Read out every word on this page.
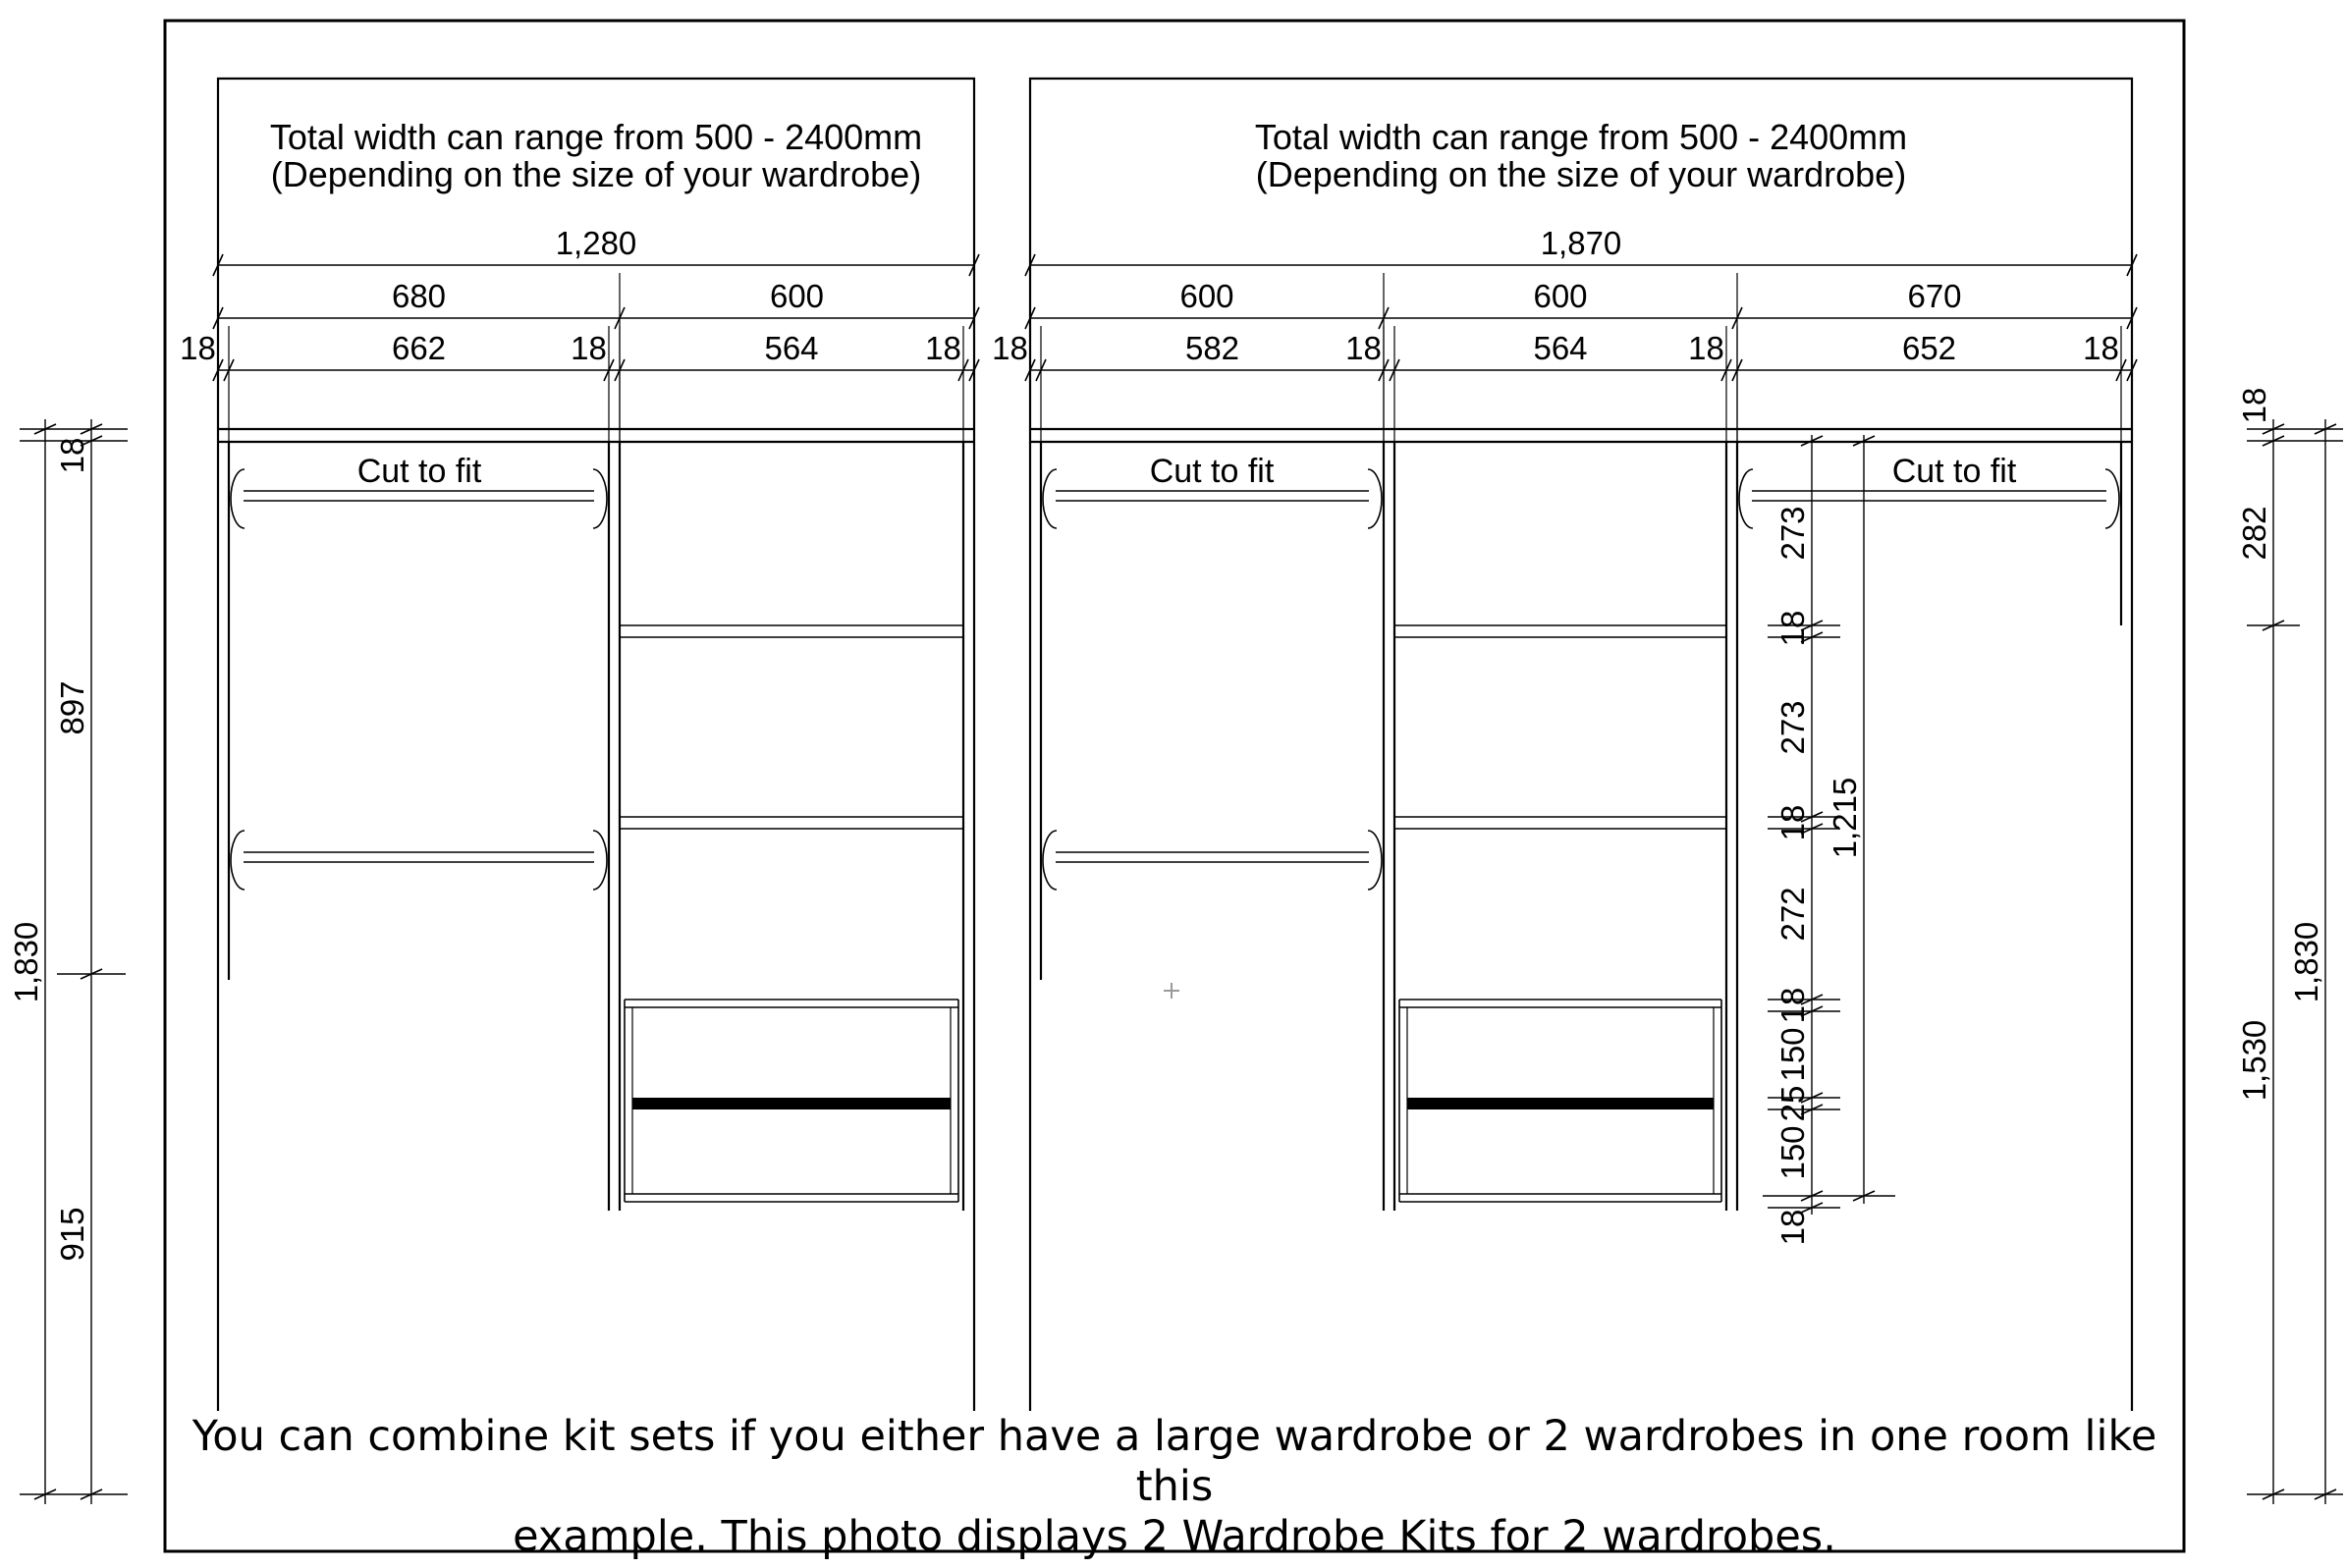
Total width can range from 500 - 2400mm
(Depending on the size of your wardrobe)
1,280
680	600
18	662	18	564	18
Cut to fit
Total width can range from 500 - 2400mm
(Depending on the size of your wardrobe)
1,870
600	600	670
18	582	18	564	18	652	18
Cut to fit	Cut to fit
18
897
915
1,830
18
282
1,530
1,830
273
18
273
18
272
18
150
25
150
18
1,215
You can combine kit sets if you either have a large wardrobe or 2 wardrobes in one room like this
example. This photo displays 2 Wardrobe Kits for 2 wardrobes.
